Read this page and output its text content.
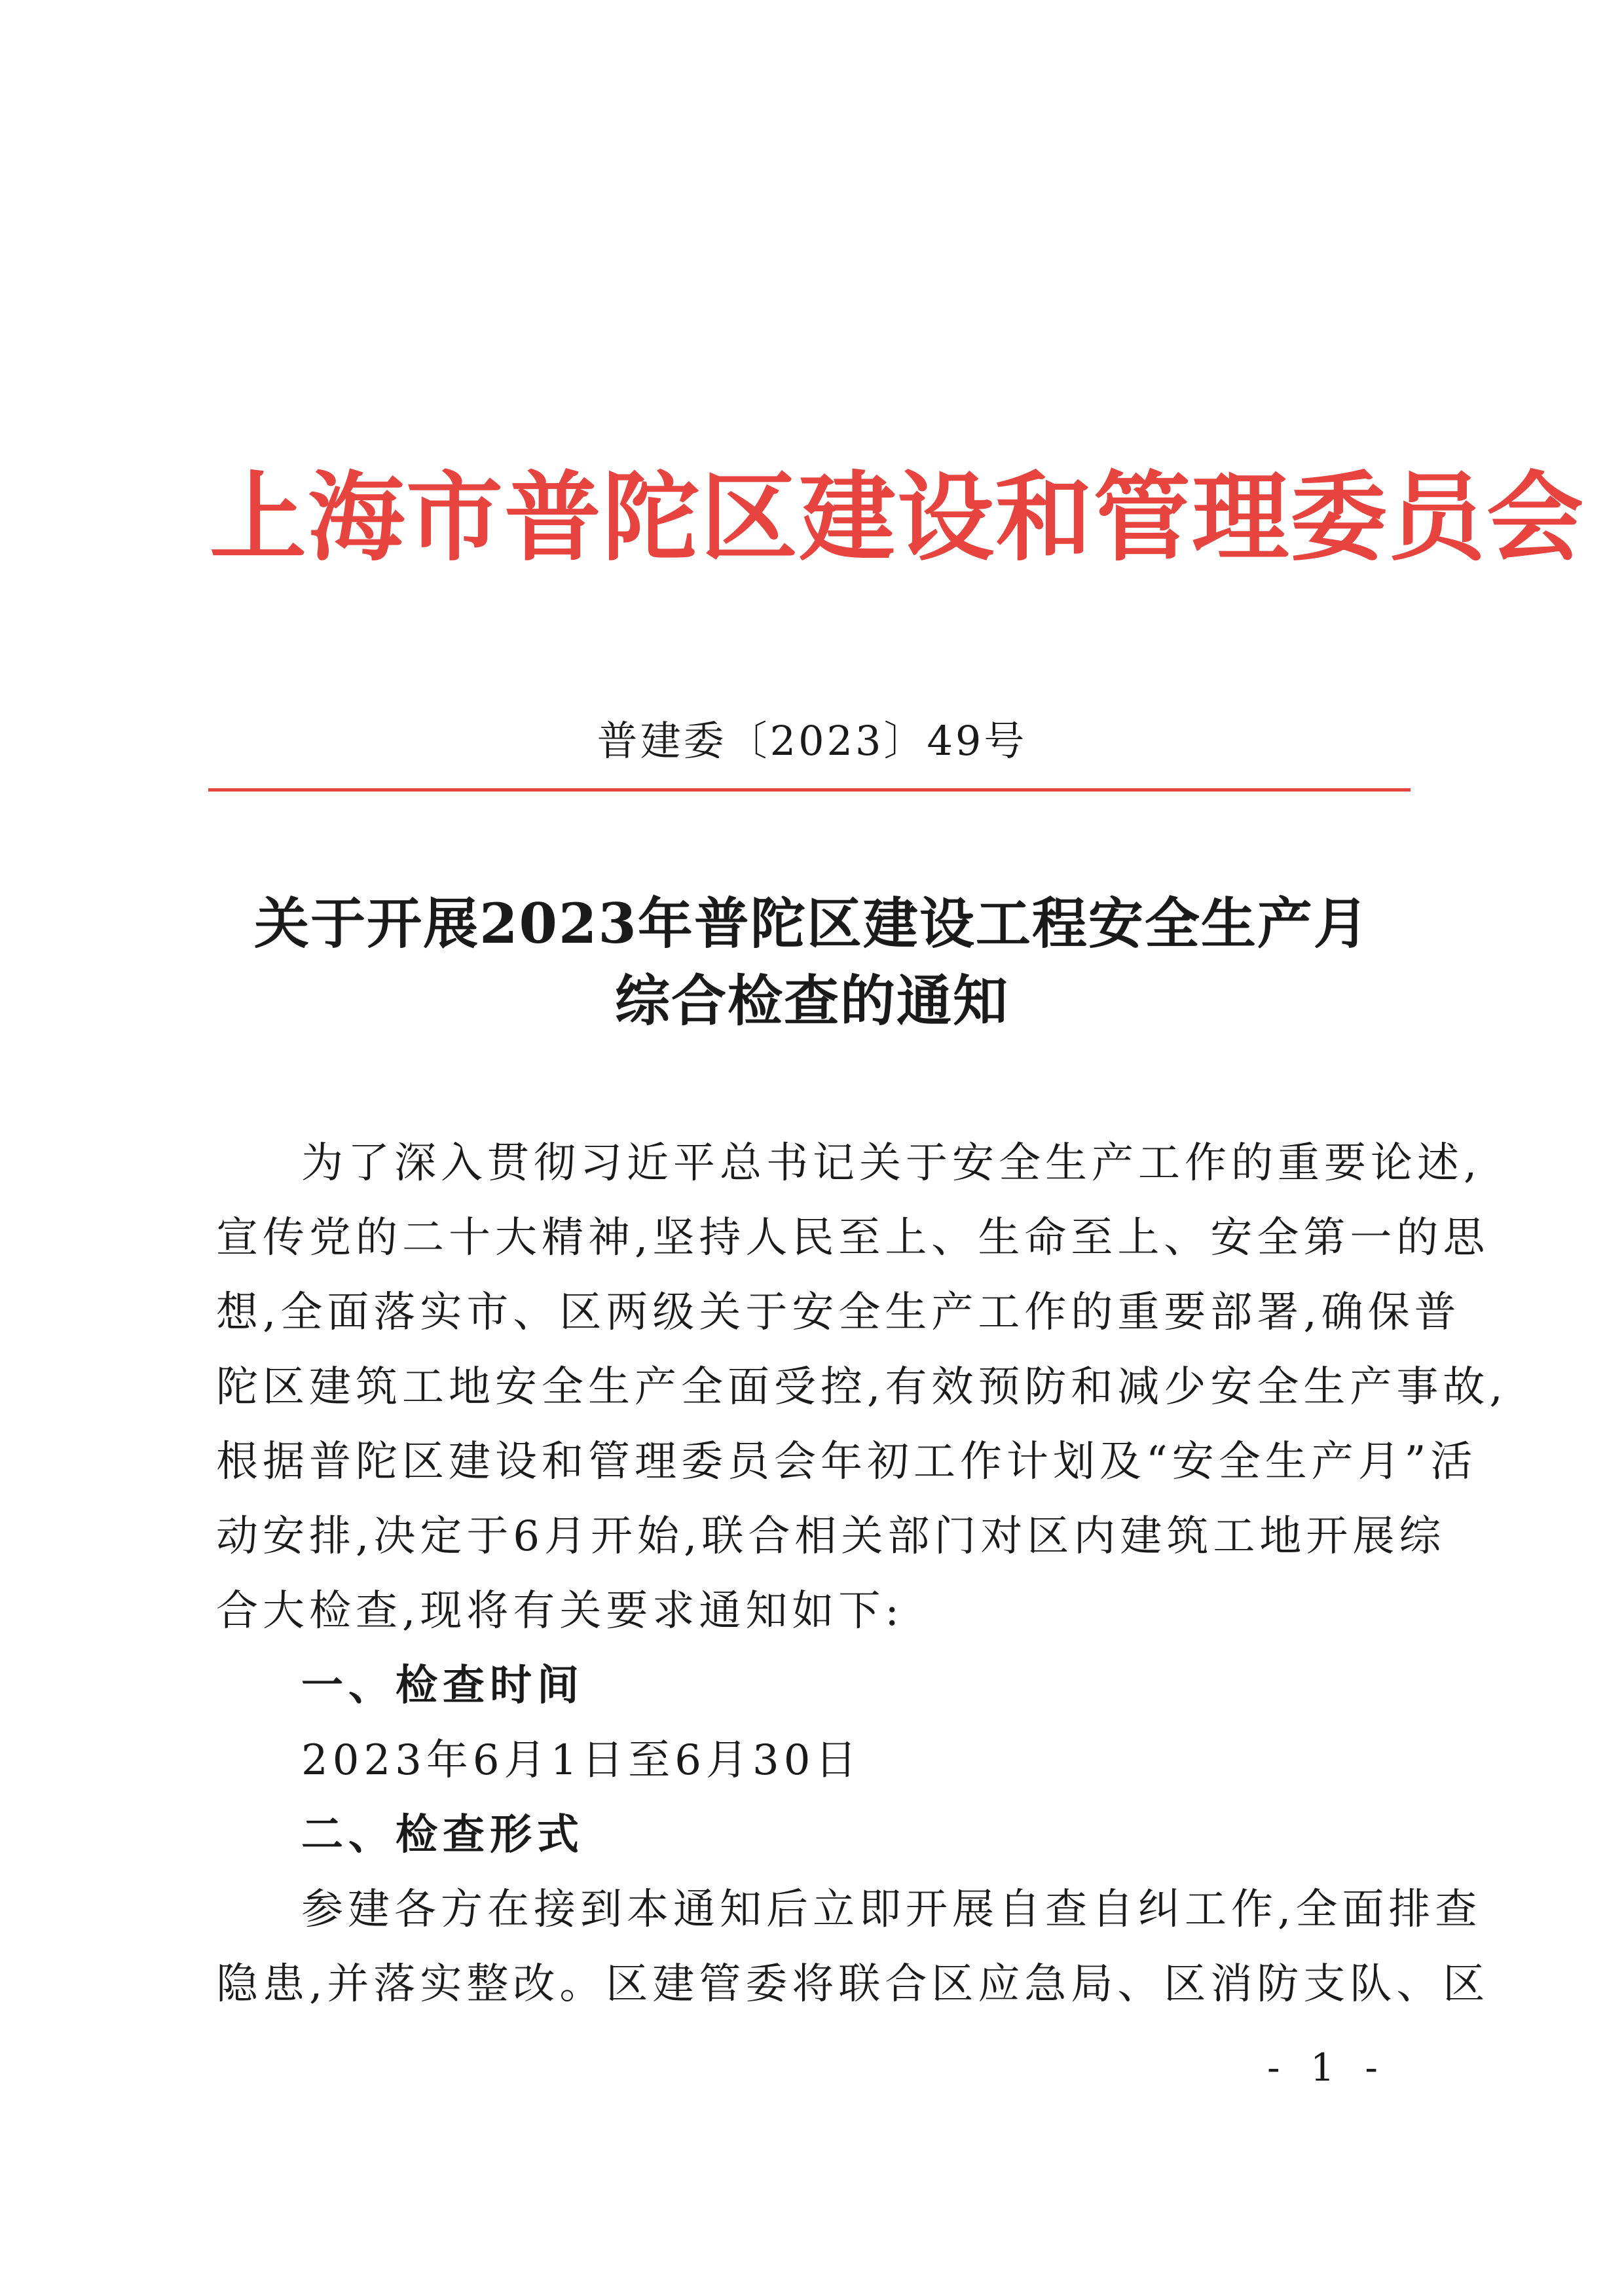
上海市普陀区建设和管理委员会
普建委〔2023〕49号
关于开展2023年普陀区建设工程安全生产月
综合检查的通知
为了深入贯彻习近平总书记关于安全生产工作的重要论述,
宣传党的二十大精神,坚持人民至上、生命至上、安全第一的思
想,全面落实市、区两级关于安全生产工作的重要部署,确保普
陀区建筑工地安全生产全面受控,有效预防和减少安全生产事故,
根据普陀区建设和管理委员会年初工作计划及“安全生产月”活
动安排,决定于6月开始,联合相关部门对区内建筑工地开展综
合大检查,现将有关要求通知如下:
一、检查时间
2023年6月1日至6月30日
二、检查形式
参建各方在接到本通知后立即开展自查自纠工作,全面排查
隐患,并落实整改。区建管委将联合区应急局、区消防支队、区
- 1 -
